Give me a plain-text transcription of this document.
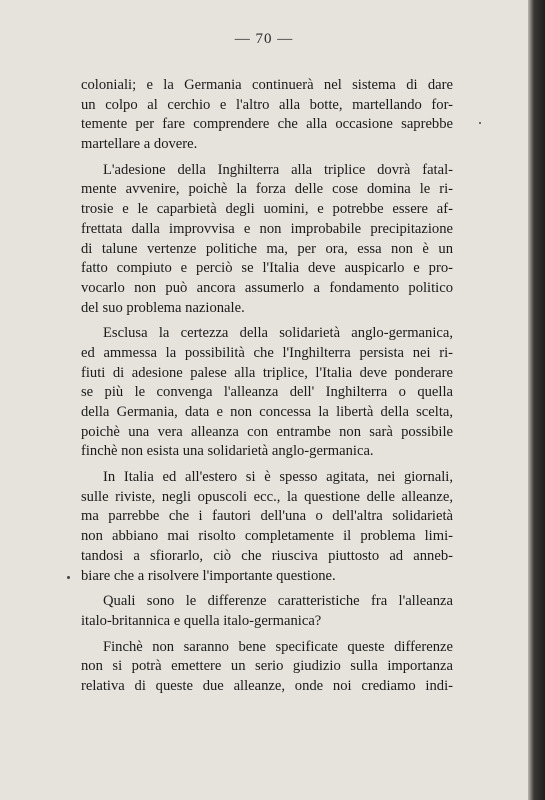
— 70 —
coloniali; e la Germania continuerà nel sistema di dare
un colpo al cerchio e l'altro alla botte, martellando for-
temente per fare comprendere che alla occasione saprebbe
martellare a dovere.
L'adesione della Inghilterra alla triplice dovrà fatal-
mente avvenire, poichè la forza delle cose domina le ri-
trosie e le caparbietà degli uomini, e potrebbe essere af-
frettata dalla improvvisa e non improbabile precipitazione
di talune vertenze politiche ma, per ora, essa non è un
fatto compiuto e perciò se l'Italia deve auspicarlo e pro-
vocarlo non può ancora assumerlo a fondamento politico
del suo problema nazionale.
Esclusa la certezza della solidarietà anglo-germanica,
ed ammessa la possibilità che l'Inghilterra persista nei ri-
fiuti di adesione palese alla triplice, l'Italia deve ponderare
se più le convenga l'alleanza dell' Inghilterra o quella
della Germania, data e non concessa la libertà della scelta,
poichè una vera alleanza con entrambe non sarà possibile
finchè non esista una solidarietà anglo-germanica.
In Italia ed all'estero si è spesso agitata, nei giornali,
sulle riviste, negli opuscoli ecc., la questione delle alleanze,
ma parrebbe che i fautori dell'una o dell'altra solidarietà
non abbiano mai risolto completamente il problema limi-
tandosi a sfiorarlo, ciò che riusciva piuttosto ad anneb-
biare che a risolvere l'importante questione.
Quali sono le differenze caratteristiche fra l'alleanza
italo-britannica e quella italo-germanica?
Finchè non saranno bene specificate queste differenze
non si potrà emettere un serio giudizio sulla importanza
relativa di queste due alleanze, onde noi crediamo indi-
